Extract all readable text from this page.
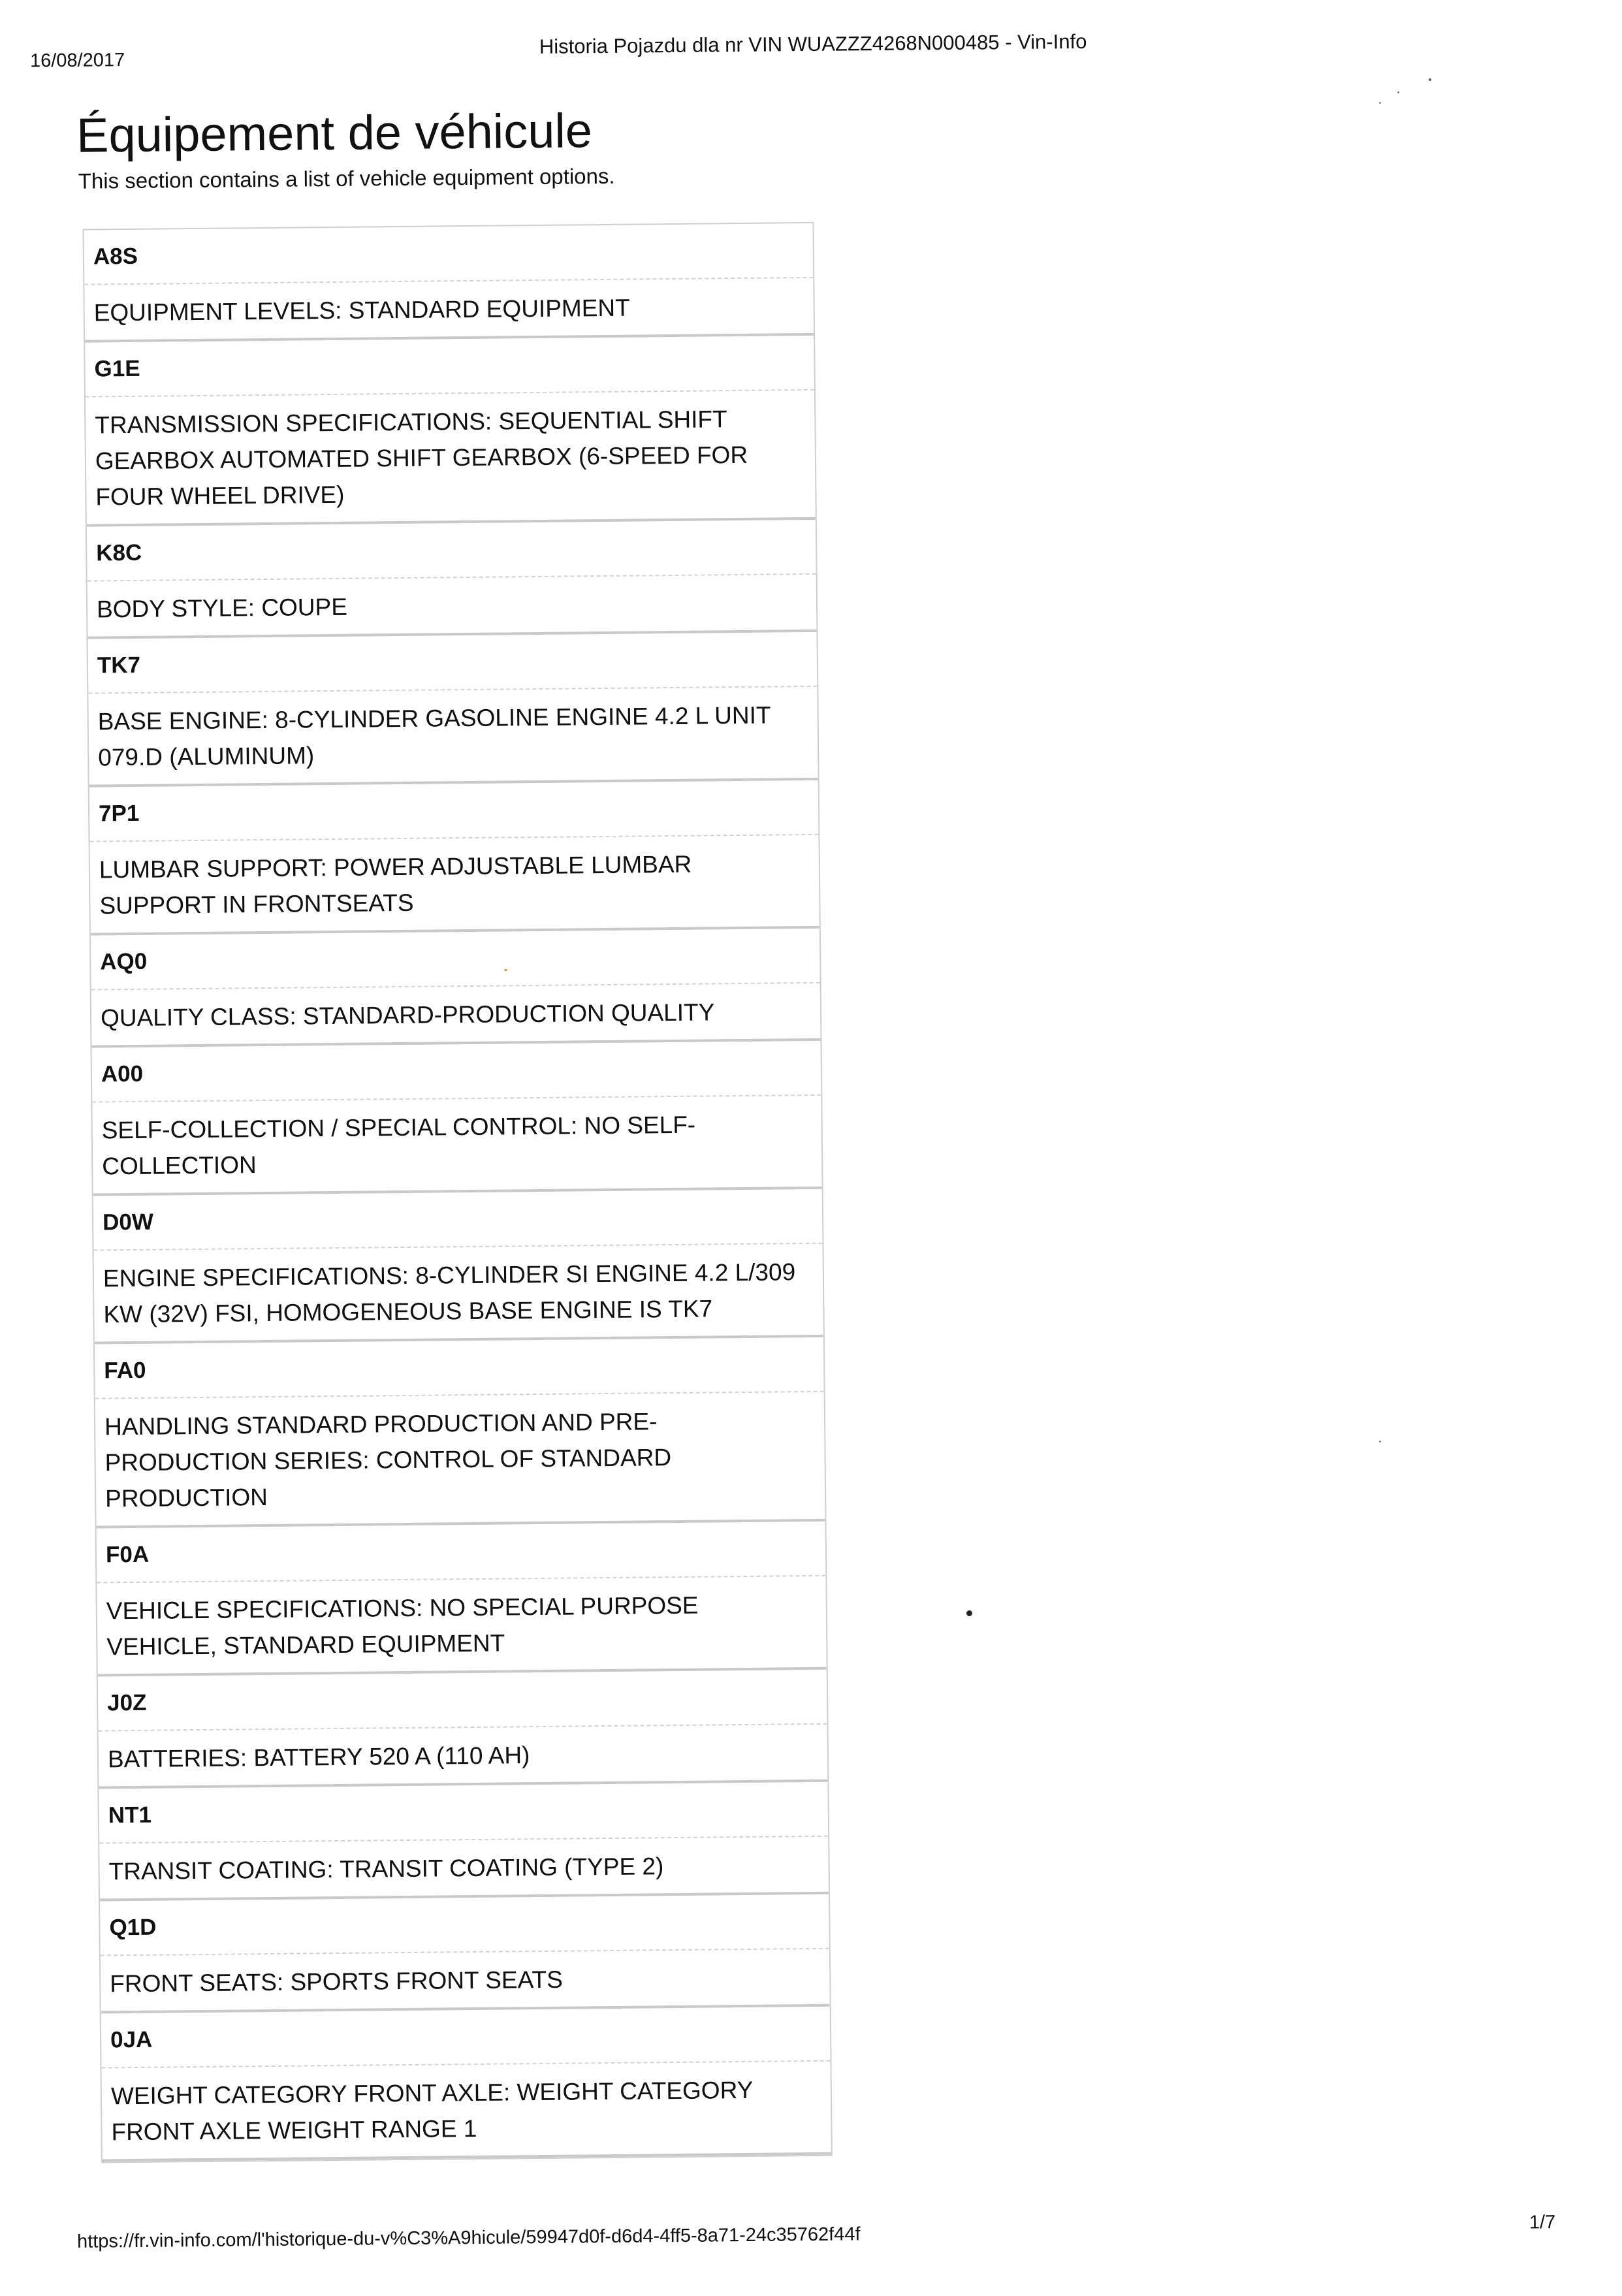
16/08/2017
Historia Pojazdu dla nr VIN WUAZZZ4268N000485 - Vin-Info
Équipement de véhicule
This section contains a list of vehicle equipment options.
A8S
EQUIPMENT LEVELS: STANDARD EQUIPMENT
G1E
TRANSMISSION SPECIFICATIONS: SEQUENTIAL SHIFT GEARBOX AUTOMATED SHIFT GEARBOX (6-SPEED FOR FOUR WHEEL DRIVE)
K8C
BODY STYLE: COUPE
TK7
BASE ENGINE: 8-CYLINDER GASOLINE ENGINE 4.2 L UNIT 079.D (ALUMINUM)
7P1
LUMBAR SUPPORT: POWER ADJUSTABLE LUMBAR SUPPORT IN FRONTSEATS
AQ0
QUALITY CLASS: STANDARD-PRODUCTION QUALITY
A00
SELF-COLLECTION / SPECIAL CONTROL: NO SELF-COLLECTION
D0W
ENGINE SPECIFICATIONS: 8-CYLINDER SI ENGINE 4.2 L/309 KW (32V) FSI, HOMOGENEOUS BASE ENGINE IS TK7
FA0
HANDLING STANDARD PRODUCTION AND PRE-PRODUCTION SERIES: CONTROL OF STANDARD PRODUCTION
F0A
VEHICLE SPECIFICATIONS: NO SPECIAL PURPOSE VEHICLE, STANDARD EQUIPMENT
J0Z
BATTERIES: BATTERY 520 A (110 AH)
NT1
TRANSIT COATING: TRANSIT COATING (TYPE 2)
Q1D
FRONT SEATS: SPORTS FRONT SEATS
0JA
WEIGHT CATEGORY FRONT AXLE: WEIGHT CATEGORY FRONT AXLE WEIGHT RANGE 1
https://fr.vin-info.com/l'historique-du-v%C3%A9hicule/59947d0f-d6d4-4ff5-8a71-24c35762f44f
1/7
